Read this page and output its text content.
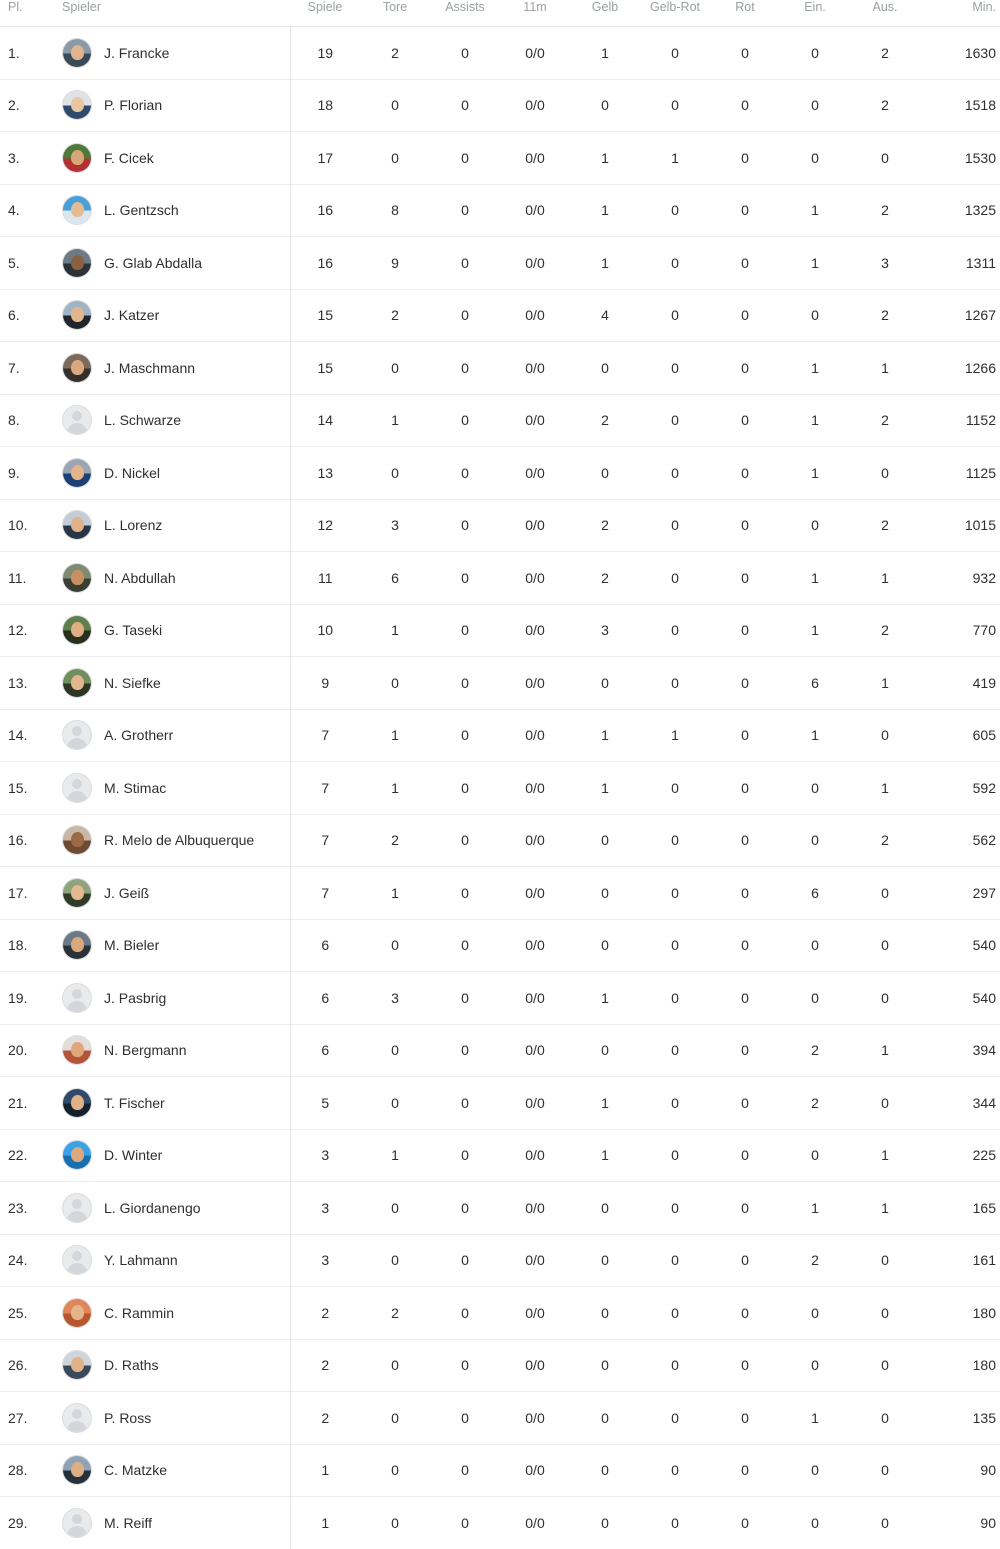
Pl.	Spieler	Spiele	Tore	Assists	11m	Gelb	Gelb-Rot	Rot	Ein.	Aus.	Min.
1.	J. Francke	19	2	0	0/0	1	0	0	0	2	1630
2.	P. Florian	18	0	0	0/0	0	0	0	0	2	1518
3.	F. Cicek	17	0	0	0/0	1	1	0	0	0	1530
4.	L. Gentzsch	16	8	0	0/0	1	0	0	1	2	1325
5.	G. Glab Abdalla	16	9	0	0/0	1	0	0	1	3	1311
6.	J. Katzer	15	2	0	0/0	4	0	0	0	2	1267
7.	J. Maschmann	15	0	0	0/0	0	0	0	1	1	1266
8.	L. Schwarze	14	1	0	0/0	2	0	0	1	2	1152
9.	D. Nickel	13	0	0	0/0	0	0	0	1	0	1125
10.	L. Lorenz	12	3	0	0/0	2	0	0	0	2	1015
11.	N. Abdullah	11	6	0	0/0	2	0	0	1	1	932
12.	G. Taseki	10	1	0	0/0	3	0	0	1	2	770
13.	N. Siefke	9	0	0	0/0	0	0	0	6	1	419
14.	A. Grotherr	7	1	0	0/0	1	1	0	1	0	605
15.	M. Stimac	7	1	0	0/0	1	0	0	0	1	592
16.	R. Melo de Albuquerque	7	2	0	0/0	0	0	0	0	2	562
17.	J. Geiß	7	1	0	0/0	0	0	0	6	0	297
18.	M. Bieler	6	0	0	0/0	0	0	0	0	0	540
19.	J. Pasbrig	6	3	0	0/0	1	0	0	0	0	540
20.	N. Bergmann	6	0	0	0/0	0	0	0	2	1	394
21.	T. Fischer	5	0	0	0/0	1	0	0	2	0	344
22.	D. Winter	3	1	0	0/0	1	0	0	0	1	225
23.	L. Giordanengo	3	0	0	0/0	0	0	0	1	1	165
24.	Y. Lahmann	3	0	0	0/0	0	0	0	2	0	161
25.	C. Rammin	2	2	0	0/0	0	0	0	0	0	180
26.	D. Raths	2	0	0	0/0	0	0	0	0	0	180
27.	P. Ross	2	0	0	0/0	0	0	0	1	0	135
28.	C. Matzke	1	0	0	0/0	0	0	0	0	0	90
29.	M. Reiff	1	0	0	0/0	0	0	0	0	0	90
